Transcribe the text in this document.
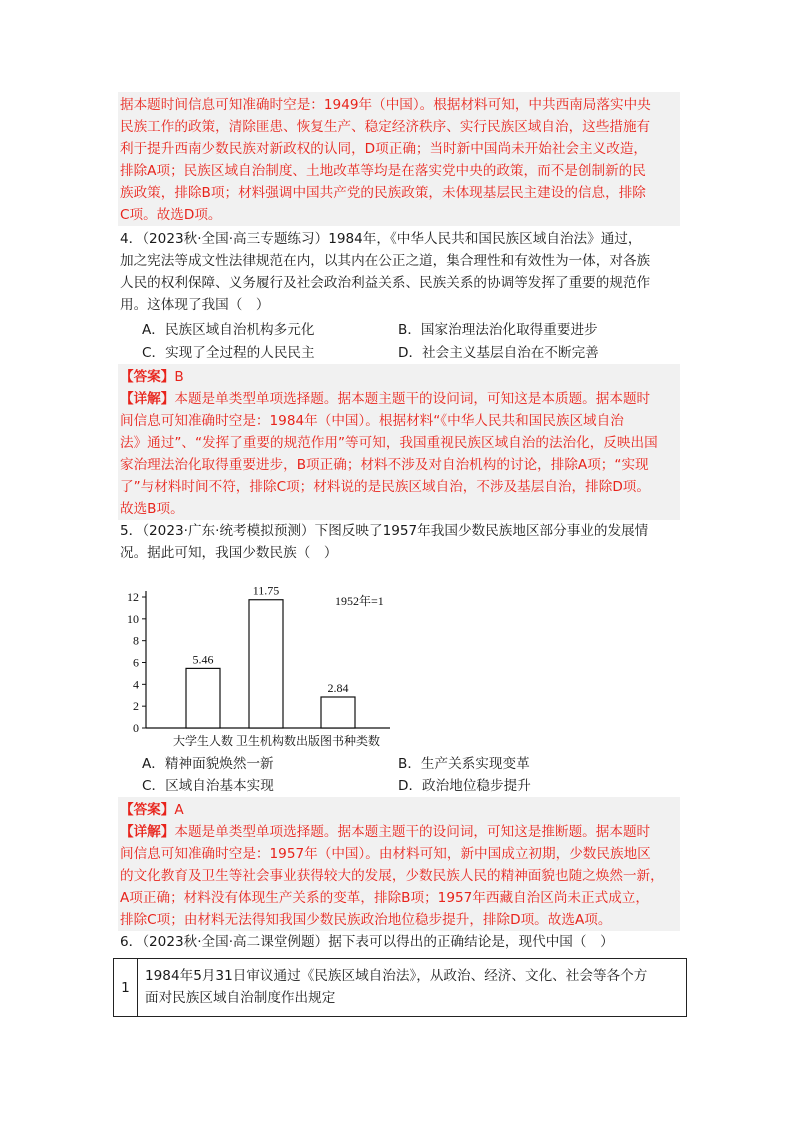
据本题时间信息可知准确时空是：1949年（中国）。根据材料可知，中共西南局落实中央
民族工作的政策，清除匪患、恢复生产、稳定经济秩序、实行民族区域自治，这些措施有
利于提升西南少数民族对新政权的认同，D项正确；当时新中国尚未开始社会主义改造，
排除A项；民族区域自治制度、土地改革等均是在落实党中央的政策，而不是创制新的民
族政策，排除B项；材料强调中国共产党的民族政策，未体现基层民主建设的信息，排除
C项。故选D项。
4．（2023秋·全国·高三专题练习）1984年，《中华人民共和国民族区域自治法》通过，
加之宪法等成文性法律规范在内，以其内在公正之道，集合理性和有效性为一体，对各族
人民的权利保障、义务履行及社会政治利益关系、民族关系的协调等发挥了重要的规范作
用。这体现了我国（　）
A．民族区域自治机构多元化	B．国家治理法治化取得重要进步
C．实现了全过程的人民民主	D．社会主义基层自治在不断完善
【答案】B
【详解】本题是单类型单项选择题。据本题主题干的设问词，可知这是本质题。据本题时
间信息可知准确时空是：1984年（中国）。根据材料“《中华人民共和国民族区域自治
法》通过”、“发挥了重要的规范作用”等可知，我国重视民族区域自治的法治化，反映出国
家治理法治化取得重要进步，B项正确；材料不涉及对自治机构的讨论，排除A项；“实现
了”与材料时间不符，排除C项；材料说的是民族区域自治，不涉及基层自治，排除D项。
故选B项。
5．（2023·广东·统考模拟预测）下图反映了1957年我国少数民族地区部分事业的发展情
况。据此可知，我国少数民族（　）
0
2
4
6
8
10
12
5.46
大学生人数
11.75
卫生机构数
2.84
出版图书种类数
1952年=1
A．精神面貌焕然一新	B．生产关系实现变革
C．区域自治基本实现	D．政治地位稳步提升
【答案】A
【详解】本题是单类型单项选择题。据本题主题干的设问词，可知这是推断题。据本题时
间信息可知准确时空是：1957年（中国）。由材料可知，新中国成立初期，少数民族地区
的文化教育及卫生等社会事业获得较大的发展，少数民族人民的精神面貌也随之焕然一新，
A项正确；材料没有体现生产关系的变革，排除B项；1957年西藏自治区尚未正式成立，
排除C项；由材料无法得知我国少数民族政治地位稳步提升，排除D项。故选A项。
6．（2023秋·全国·高二课堂例题）据下表可以得出的正确结论是，现代中国（　）
1
1984年5月31日审议通过《民族区域自治法》，从政治、经济、文化、社会等各个方
面对民族区域自治制度作出规定
